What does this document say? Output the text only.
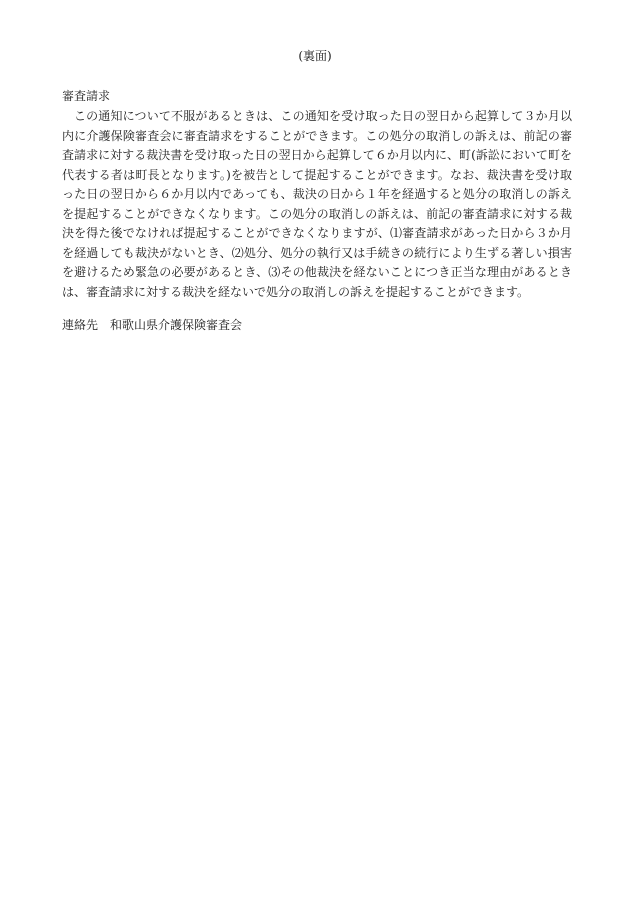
(裏面)
審査請求
この通知について不服があるときは、この通知を受け取った日の翌日から起算して３か月以
内に介護保険審査会に審査請求をすることができます。この処分の取消しの訴えは、前記の審
査請求に対する裁決書を受け取った日の翌日から起算して６か月以内に、町(訴訟において町を
代表する者は町長となります。)を被告として提起することができます。なお、裁決書を受け取
った日の翌日から６か月以内であっても、裁決の日から１年を経過すると処分の取消しの訴え
を提起することができなくなります。この処分の取消しの訴えは、前記の審査請求に対する裁
決を得た後でなければ提起することができなくなりますが、⑴審査請求があった日から３か月
を経過しても裁決がないとき、⑵処分、処分の執行又は手続きの続行により生ずる著しい損害
を避けるため緊急の必要があるとき、⑶その他裁決を経ないことにつき正当な理由があるとき
は、審査請求に対する裁決を経ないで処分の取消しの訴えを提起することができます。
連絡先 和歌山県介護保険審査会
